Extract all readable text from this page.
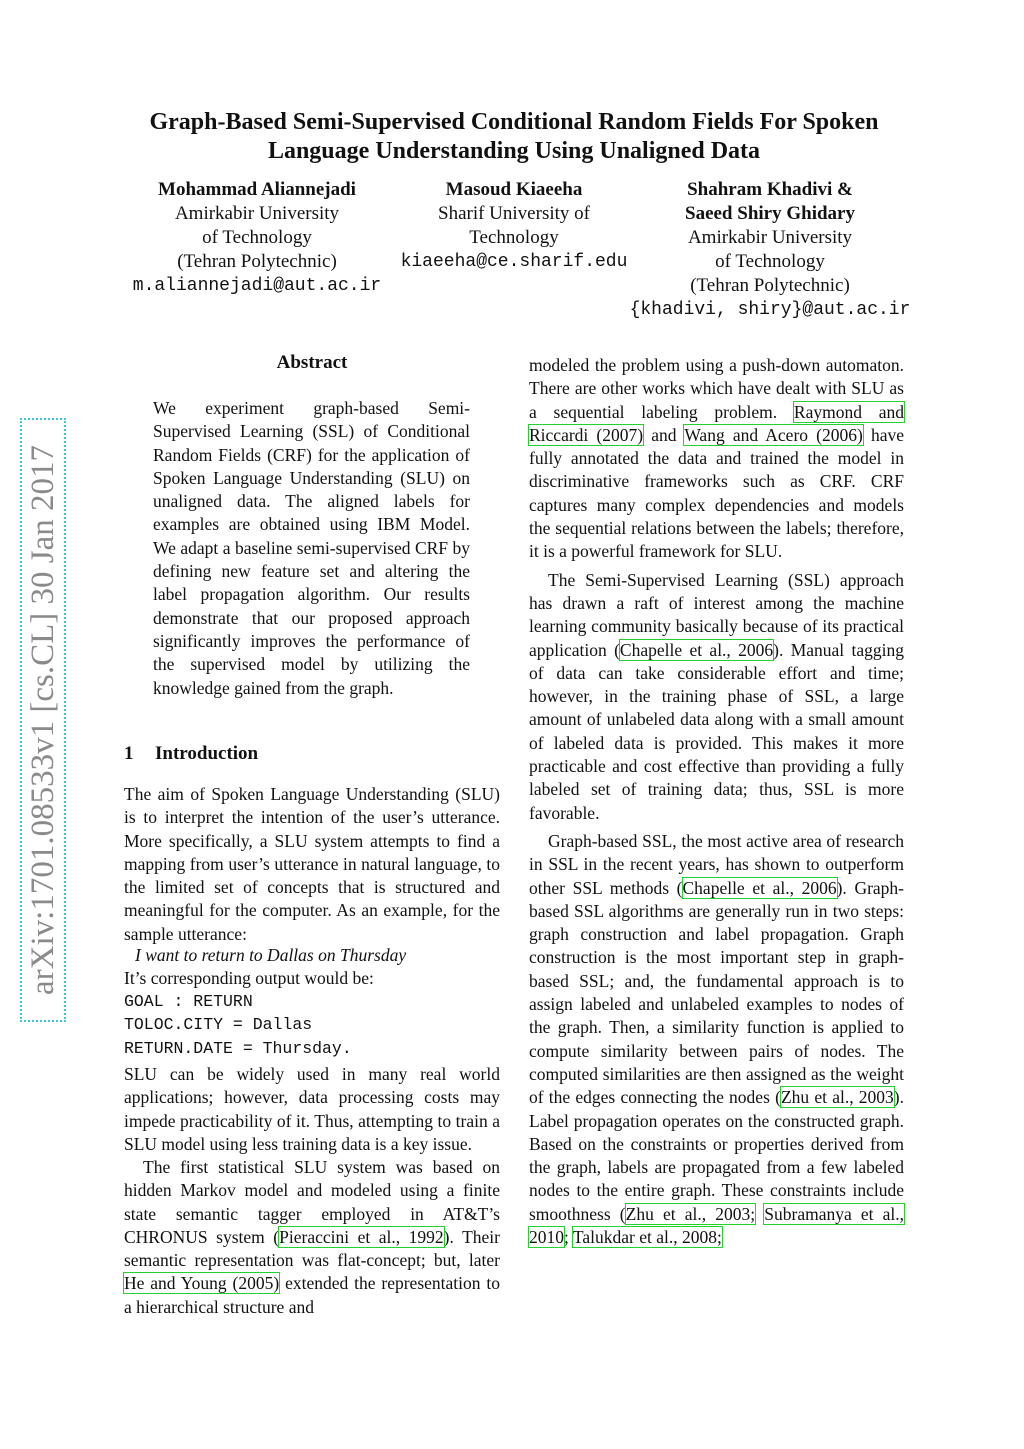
arXiv:1701.08533v1 [cs.CL] 30 Jan 2017
Graph-Based Semi-Supervised Conditional Random Fields For Spoken Language Understanding Using Unaligned Data
Mohammad Aliannejadi
Amirkabir University
of Technology
(Tehran Polytechnic)
m.aliannejadi@aut.ac.ir
Masoud Kiaeeha
Sharif University of
Technology
kiaeeha@ce.sharif.edu
Shahram Khadivi &
Saeed Shiry Ghidary
Amirkabir University
of Technology
(Tehran Polytechnic)
{khadivi, shiry}@aut.ac.ir
Abstract
We experiment graph-based Semi-Supervised Learning (SSL) of Conditional Random Fields (CRF) for the application of Spoken Language Understanding (SLU) on unaligned data. The aligned labels for examples are obtained using IBM Model. We adapt a baseline semi-supervised CRF by defining new feature set and altering the label propagation algorithm. Our results demonstrate that our proposed approach significantly improves the performance of the supervised model by utilizing the knowledge gained from the graph.
1 Introduction
The aim of Spoken Language Understanding (SLU) is to interpret the intention of the user’s utterance. More specifically, a SLU system attempts to find a mapping from user’s utterance in natural language, to the limited set of concepts that is structured and meaningful for the computer. As an example, for the sample utterance:
I want to return to Dallas on Thursday
It’s corresponding output would be:
GOAL : RETURN
TOLOC.CITY = Dallas
RETURN.DATE = Thursday.
SLU can be widely used in many real world applications; however, data processing costs may impede practicability of it. Thus, attempting to train a SLU model using less training data is a key issue.
The first statistical SLU system was based on hidden Markov model and modeled using a finite state semantic tagger employed in AT&T’s CHRONUS system (Pieraccini et al., 1992). Their semantic representation was flat-concept; but, later He and Young (2005) extended the representation to a hierarchical structure and

modeled the problem using a push-down automaton. There are other works which have dealt with SLU as a sequential labeling problem. Raymond and Riccardi (2007) and Wang and Acero (2006) have fully annotated the data and trained the model in discriminative frameworks such as CRF. CRF captures many complex dependencies and models the sequential relations between the labels; therefore, it is a powerful framework for SLU.

The Semi-Supervised Learning (SSL) approach has drawn a raft of interest among the machine learning community basically because of its practical application (Chapelle et al., 2006). Manual tagging of data can take considerable effort and time; however, in the training phase of SSL, a large amount of unlabeled data along with a small amount of labeled data is provided. This makes it more practicable and cost effective than providing a fully labeled set of training data; thus, SSL is more favorable.

Graph-based SSL, the most active area of research in SSL in the recent years, has shown to outperform other SSL methods (Chapelle et al., 2006). Graph-based SSL algorithms are generally run in two steps: graph construction and label propagation. Graph construction is the most important step in graph-based SSL; and, the fundamental approach is to assign labeled and unlabeled examples to nodes of the graph. Then, a similarity function is applied to compute similarity between pairs of nodes. The computed similarities are then assigned as the weight of the edges connecting the nodes (Zhu et al., 2003). Label propagation operates on the constructed graph. Based on the constraints or properties derived from the graph, labels are propagated from a few labeled nodes to the entire graph. These constraints include smoothness (Zhu et al., 2003; Subramanya et al., 2010; Talukdar et al., 2008;
